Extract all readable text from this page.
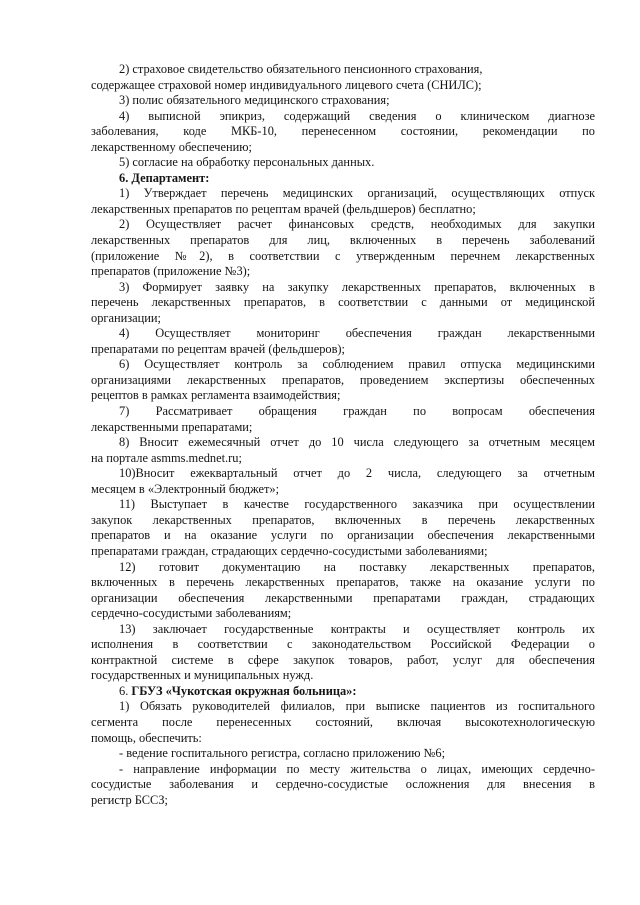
2) страховое свидетельство обязательного пенсионного страхования,
содержащее страховой номер индивидуального лицевого счета (СНИЛС);
3) полис обязательного медицинского страхования;
4) выписной эпикриз, содержащий сведения о клиническом диагнозе
заболевания, коде МКБ-10, перенесенном состоянии, рекомендации по
лекарственному обеспечению;
5) согласие на обработку персональных данных.
6. Департамент:
1) Утверждает перечень медицинских организаций, осуществляющих отпуск
лекарственных препаратов по рецептам врачей (фельдшеров) бесплатно;
2) Осуществляет расчет финансовых средств, необходимых для закупки
лекарственных препаратов для лиц, включенных в перечень заболеваний
(приложение №2), в соответствии с утвержденным перечнем лекарственных
препаратов (приложение №3);
3) Формирует заявку на закупку лекарственных препаратов, включенных в
перечень лекарственных препаратов, в соответствии с данными от медицинской
организации;
4) Осуществляет мониторинг обеспечения граждан лекарственными
препаратами по рецептам врачей (фельдшеров);
6) Осуществляет контроль за соблюдением правил отпуска медицинскими
организациями лекарственных препаратов, проведением экспертизы обеспеченных
рецептов в рамках регламента взаимодействия;
7) Рассматривает обращения граждан по вопросам обеспечения
лекарственными препаратами;
8) Вносит ежемесячный отчет до 10 числа следующего за отчетным месяцем
на портале asmms.mednet.ru;
10)Вносит ежеквартальный отчет до 2 числа, следующего за отчетным
месяцем в «Электронный бюджет»;
11) Выступает в качестве государственного заказчика при осуществлении
закупок лекарственных препаратов, включенных в перечень лекарственных
препаратов и на оказание услуги по организации обеспечения лекарственными
препаратами граждан, страдающих сердечно-сосудистыми заболеваниями;
12) готовит документацию на поставку лекарственных препаратов,
включенных в перечень лекарственных препаратов, также на оказание услуги по
организации обеспечения лекарственными препаратами граждан, страдающих
сердечно-сосудистыми заболеваниям;
13) заключает государственные контракты и осуществляет контроль их
исполнения в соответствии с законодательством Российской Федерации о
контрактной системе в сфере закупок товаров, работ, услуг для обеспечения
государственных и муниципальных нужд.
6. ГБУЗ «Чукотская окружная больница»:
1) Обязать руководителей филиалов, при выписке пациентов из госпитального
сегмента после перенесенных состояний, включая высокотехнологическую
помощь, обеспечить:
- ведение госпитального регистра, согласно приложению №6;
- направление информации по месту жительства о лицах, имеющих сердечно-
сосудистые заболевания и сердечно-сосудистые осложнения для внесения в
регистр БССЗ;
